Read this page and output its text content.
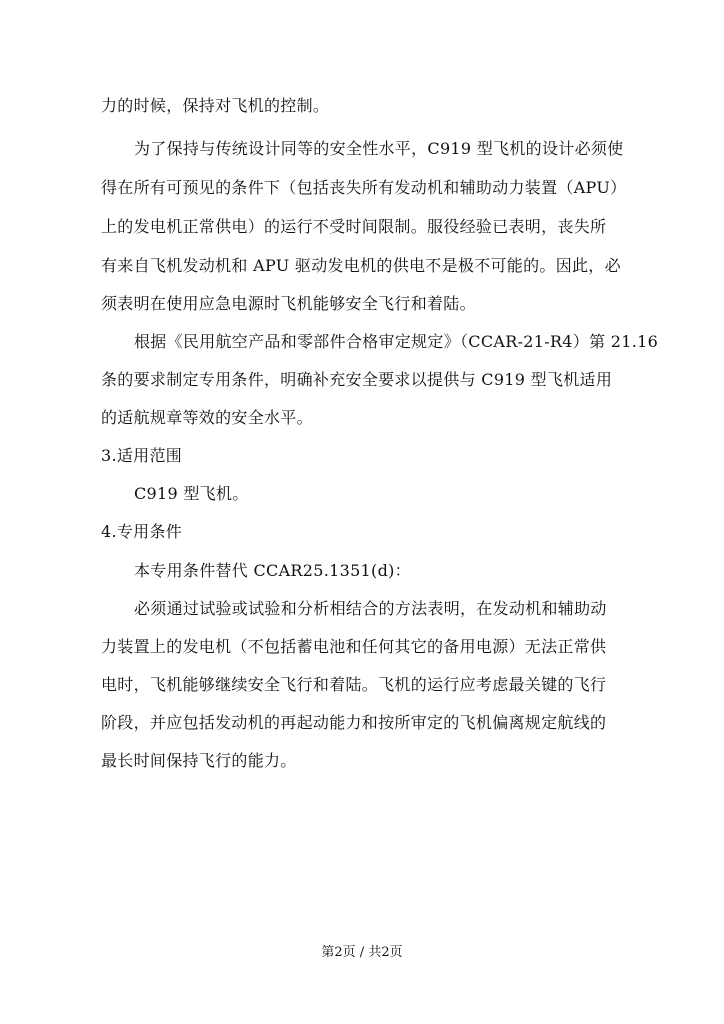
力的时候，保持对飞机的控制。
为了保持与传统设计同等的安全性水平，C919 型飞机的设计必须使
得在所有可预见的条件下（包括丧失所有发动机和辅助动力装置（APU）
上的发电机正常供电）的运行不受时间限制。服役经验已表明，丧失所
有来自飞机发动机和 APU 驱动发电机的供电不是极不可能的。因此，必
须表明在使用应急电源时飞机能够安全飞行和着陆。
根据《民用航空产品和零部件合格审定规定》（CCAR-21-R4）第 21.16
条的要求制定专用条件，明确补充安全要求以提供与 C919 型飞机适用
的适航规章等效的安全水平。
3.适用范围
C919 型飞机。
4.专用条件
本专用条件替代 CCAR25.1351(d)：
必须通过试验或试验和分析相结合的方法表明，在发动机和辅助动
力装置上的发电机（不包括蓄电池和任何其它的备用电源）无法正常供
电时，飞机能够继续安全飞行和着陆。飞机的运行应考虑最关键的飞行
阶段，并应包括发动机的再起动能力和按所审定的飞机偏离规定航线的
最长时间保持飞行的能力。
第2页 / 共2页
